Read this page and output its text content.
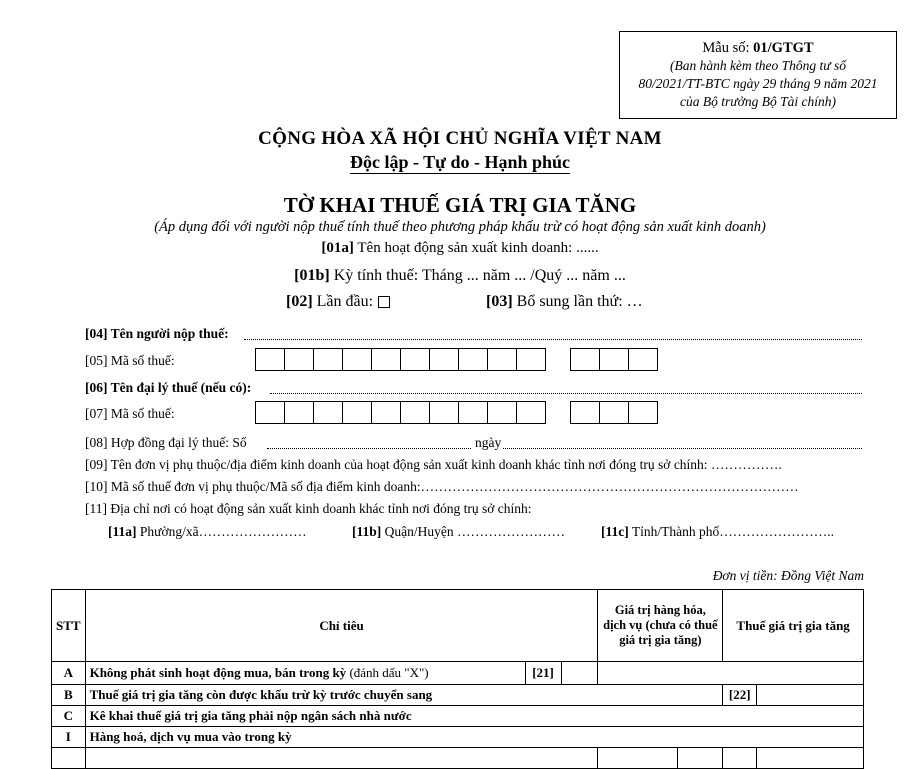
Mẫu số: 01/GTGT
(Ban hành kèm theo Thông tư số
80/2021/TT-BTC ngày 29 tháng 9 năm 2021
của Bộ trưởng Bộ Tài chính)
CỘNG HÒA XÃ HỘI CHỦ NGHĨA VIỆT NAM
Độc lập - Tự do - Hạnh phúc
TỜ KHAI THUẾ GIÁ TRỊ GIA TĂNG
(Áp dụng đối với người nộp thuế tính thuế theo phương pháp khấu trừ có hoạt động sản xuất kinh doanh)
[01a] Tên hoạt động sản xuất kinh doanh: ......
[01b] Kỳ tính thuế: Tháng ... năm ... /Quý ... năm ...
[02] Lần đầu:	[03] Bổ sung lần thứ: …
[04] Tên người nộp thuế:
[05] Mã số thuế:
[06] Tên đại lý thuế (nếu có):
[07] Mã số thuế:
[08] Hợp đồng đại lý thuế: Số	ngày
[09] Tên đơn vị phụ thuộc/địa điểm kinh doanh của hoạt động sản xuất kinh doanh khác tỉnh nơi đóng trụ sở chính: …………….
[10] Mã số thuế đơn vị phụ thuộc/Mã số địa điểm kinh doanh:…………………………………………………………………………
[11] Địa chỉ nơi có hoạt động sản xuất kinh doanh khác tỉnh nơi đóng trụ sở chính:
[11a] Phường/xã……………………	[11b] Quận/Huyện ……………………	[11c] Tỉnh/Thành phố……………………..
Đơn vị tiền: Đồng Việt Nam
STT	Chỉ tiêu			Giá trị hàng hóa, dịch vụ (chưa có thuế giá trị gia tăng)		Thuế giá trị gia tăng	
A	Không phát sinh hoạt động mua, bán trong kỳ (đánh dấu "X")	[21]					
B	Thuế giá trị gia tăng còn được khấu trừ kỳ trước chuyển sang					[22]	
C	Kê khai thuế giá trị gia tăng phải nộp ngân sách nhà nước						
I	Hàng hoá, dịch vụ mua vào trong kỳ						
